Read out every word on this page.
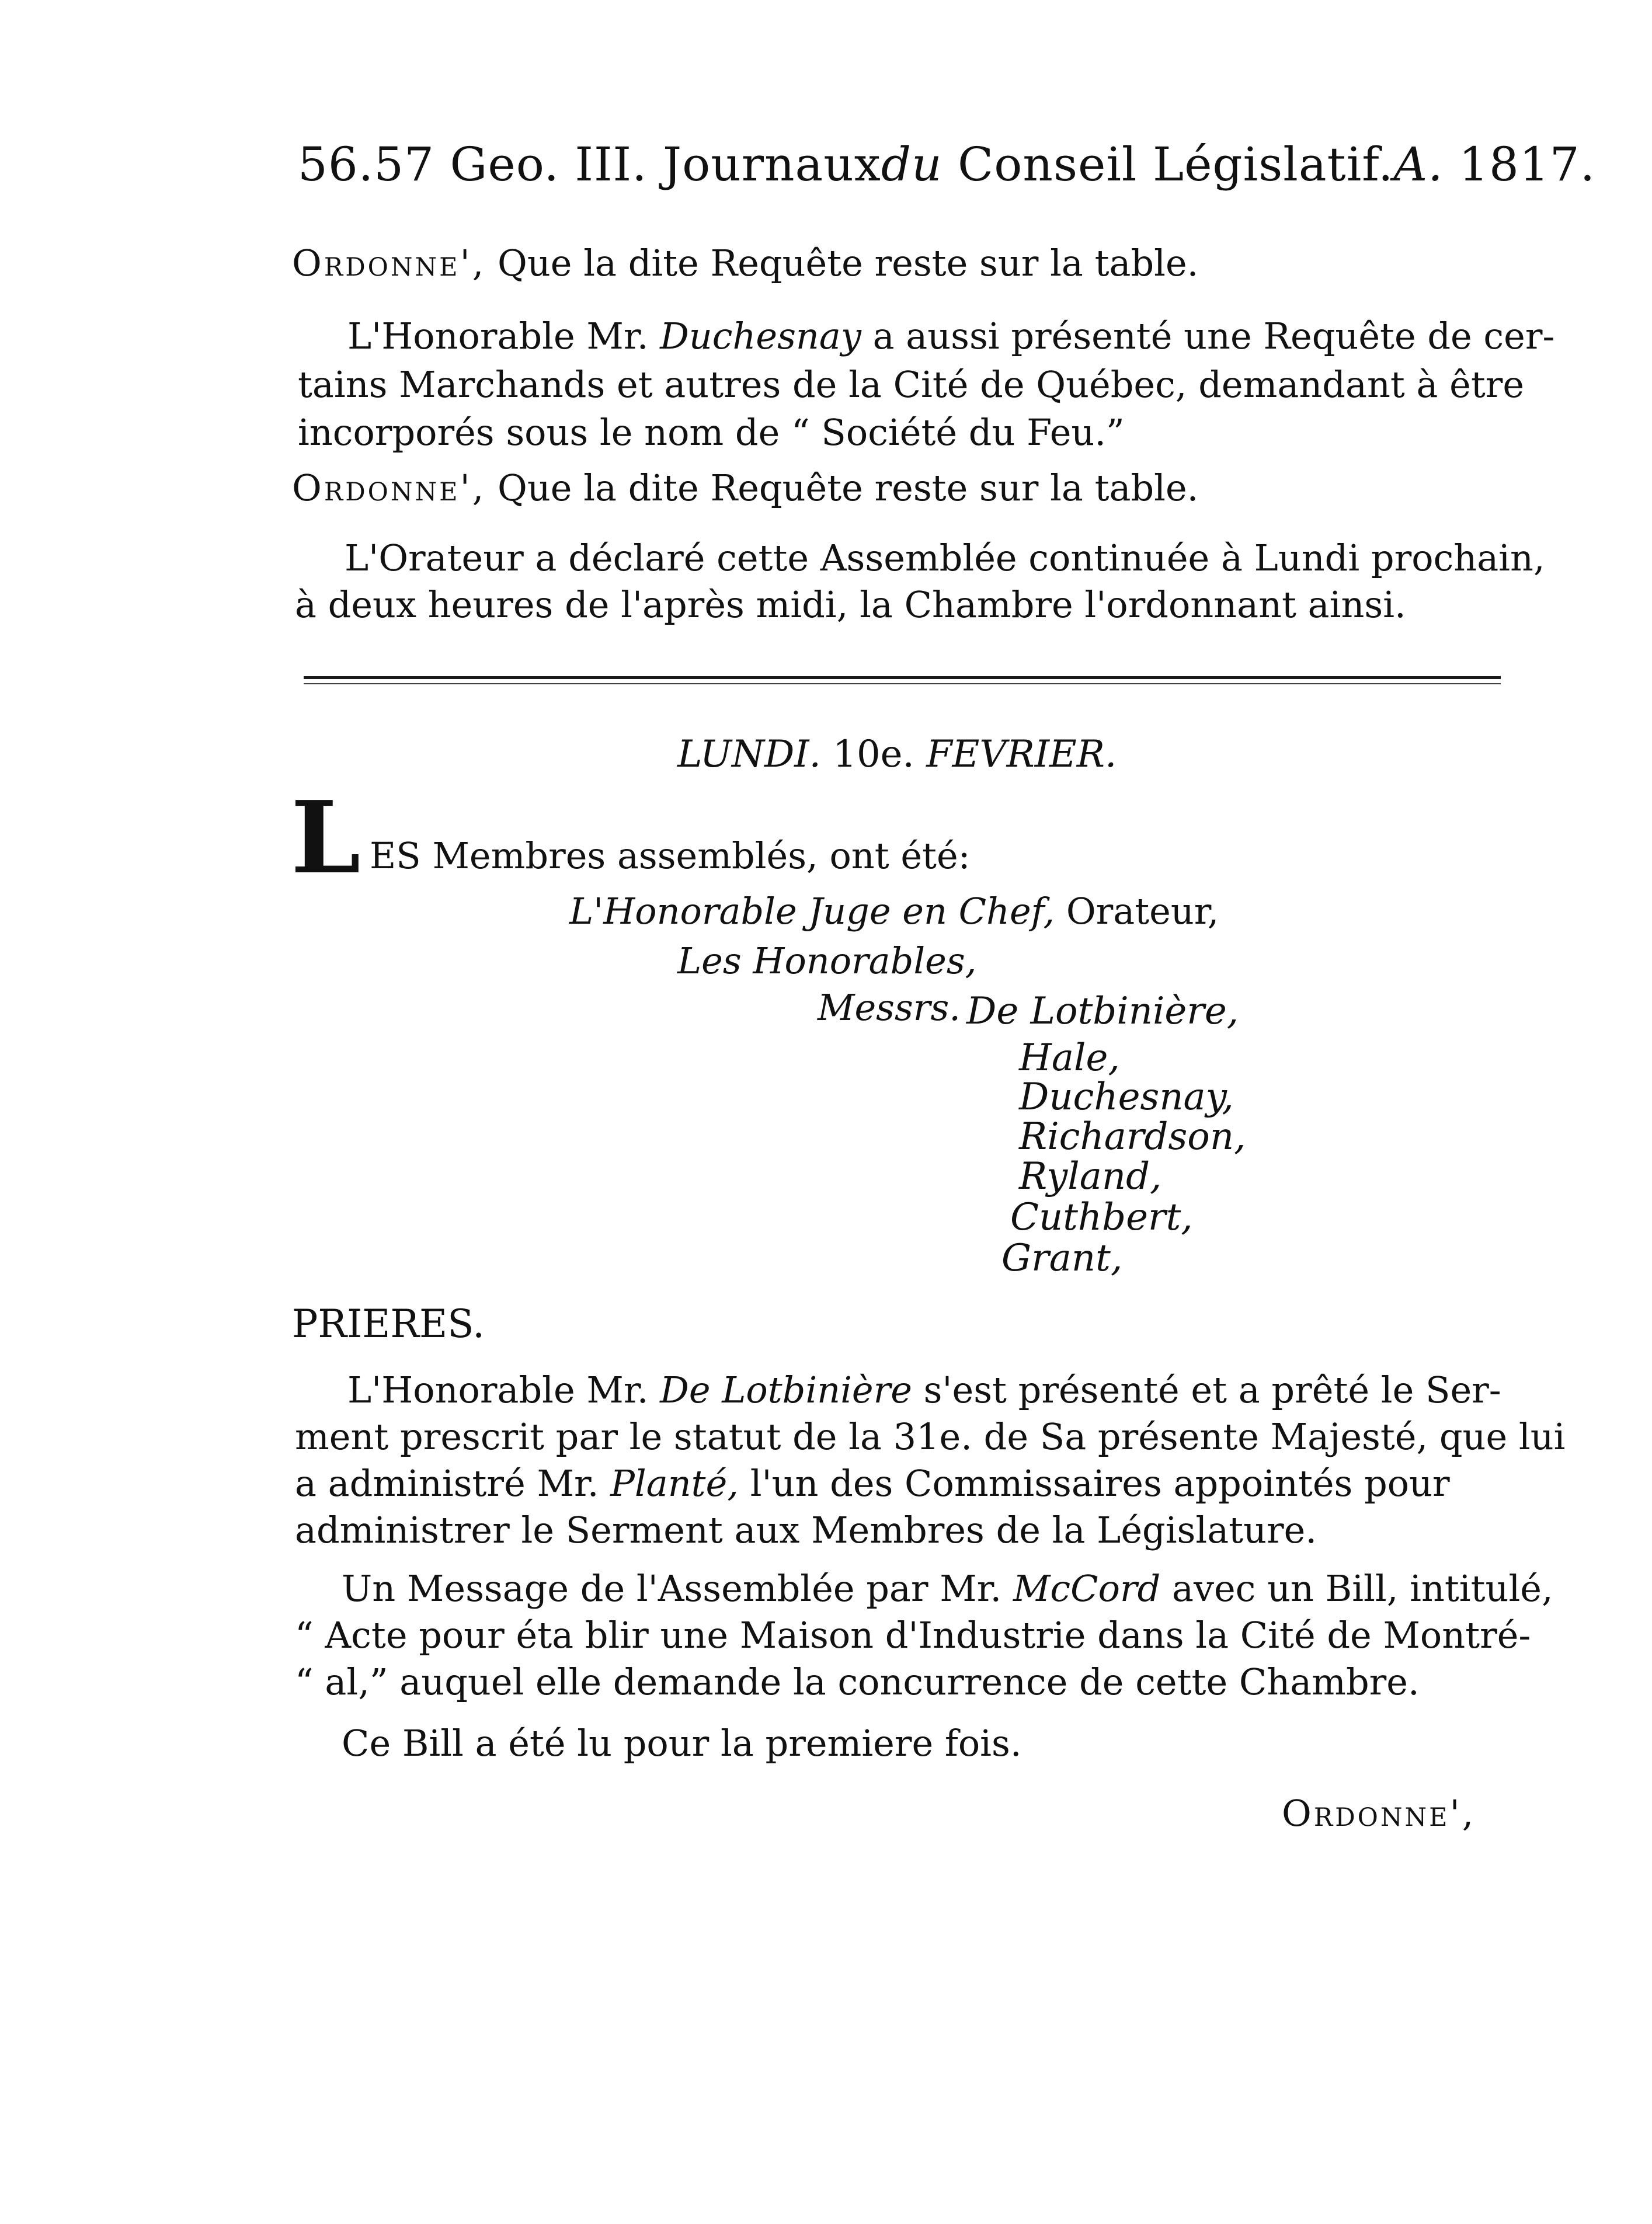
56.57 Geo. III. Journauxdu Conseil Législatif.A. 1817.
Ordonne', Que la dite Requête reste sur la table.
L'Honorable Mr. Duchesnay a aussi présenté une Requête de cer-
tains Marchands et autres de la Cité de Québec, demandant à être
incorporés sous le nom de “ Société du Feu.”
Ordonne', Que la dite Requête reste sur la table.
L'Orateur a déclaré cette Assemblée continuée à Lundi prochain,
à deux heures de l'après midi, la Chambre l'ordonnant ainsi.
LUNDI. 10e. FEVRIER.
L ES Membres assemblés, ont été:
L'Honorable Juge en Chef, Orateur,
Les Honorables,
Messrs. De Lotbinière,
Hale,
Duchesnay,
Richardson,
Ryland,
Cuthbert,
Grant,
PRIERES.
L'Honorable Mr. De Lotbinière s'est présenté et a prêté le Ser-
ment prescrit par le statut de la 31e. de Sa présente Majesté, que lui
a administré Mr. Planté, l'un des Commissaires appointés pour
administrer le Serment aux Membres de la Législature.
Un Message de l'Assemblée par Mr. McCord avec un Bill, intitulé,
“ Acte pour éta blir une Maison d'Industrie dans la Cité de Montré-
“ al,” auquel elle demande la concurrence de cette Chambre.
Ce Bill a été lu pour la premiere fois.
Ordonne',
